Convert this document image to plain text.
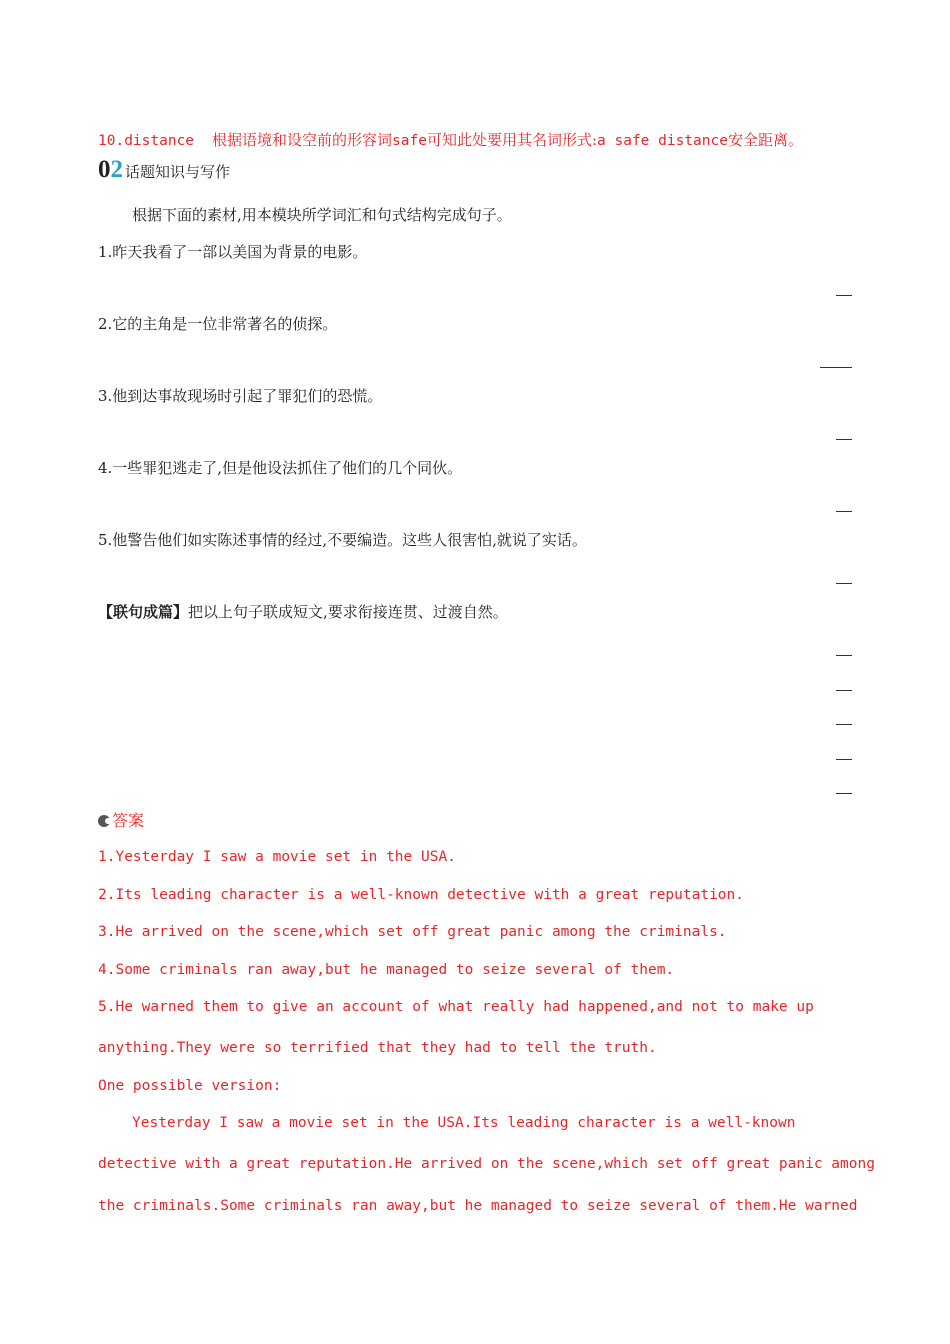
10.distance 根据语境和设空前的形容词safe可知此处要用其名词形式:a safe distance安全距离。
02 话题知识与写作
根据下面的素材,用本模块所学词汇和句式结构完成句子。
1.昨天我看了一部以美国为背景的电影。
2.它的主角是一位非常著名的侦探。
3.他到达事故现场时引起了罪犯们的恐慌。
4.一些罪犯逃走了,但是他设法抓住了他们的几个同伙。
5.他警告他们如实陈述事情的经过,不要编造。这些人很害怕,就说了实话。
【联句成篇】把以上句子联成短文,要求衔接连贯、过渡自然。
答案
1.Yesterday I saw a movie set in the USA.
2.Its leading character is a well-known detective with a great reputation.
3.He arrived on the scene,which set off great panic among the criminals.
4.Some criminals ran away,but he managed to seize several of them.
5.He warned them to give an account of what really had happened,and not to make up
anything.They were so terrified that they had to tell the truth.
One possible version:
Yesterday I saw a movie set in the USA.Its leading character is a well-known
detective with a great reputation.He arrived on the scene,which set off great panic among
the criminals.Some criminals ran away,but he managed to seize several of them.He warned
